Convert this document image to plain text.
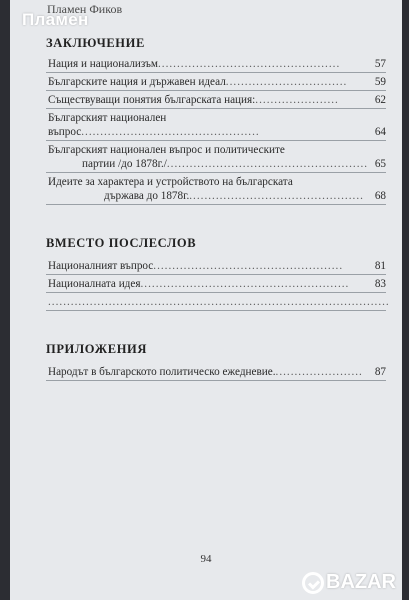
Пламен Фиков
Пламен
ЗАКЛЮЧЕНИЕ
Нация и национализъм................................................	57
Българските нация и държавен идеал................................ 59
Съществуващи понятия българската нация:......................	62
Българският национален въпрос...............................................	64
Българският национален въпрос и политическите
партии /до 1878г./..................................................... 65
Идеите за характера и устройството на българската
държава до 1878г............................................... 68
ВМЕСТО ПОСЛЕСЛОВ
Националният въпрос..................................................	81
Националната идея....................................................... 83
..........................................................................................
ПРИЛОЖЕНИЯ
Народът в българското политическо ежедневие........................ 87
94
BAZAR
